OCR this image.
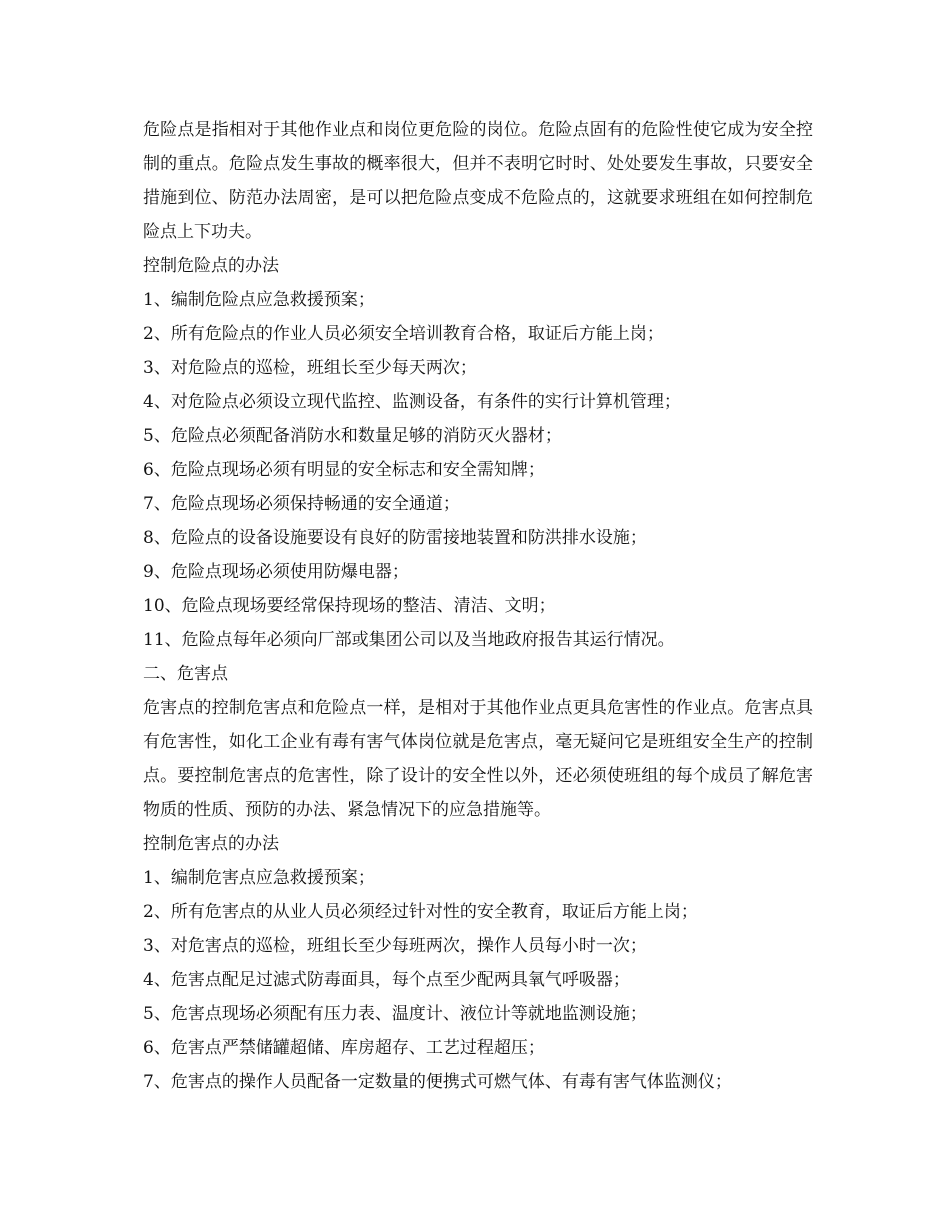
危险点是指相对于其他作业点和岗位更危险的岗位。危险点固有的危险性使它成为安全控制的重点。危险点发生事故的概率很大，但并不表明它时时、处处要发生事故，只要安全措施到位、防范办法周密，是可以把危险点变成不危险点的，这就要求班组在如何控制危险点上下功夫。

控制危险点的办法

1、编制危险点应急救援预案；

2、所有危险点的作业人员必须安全培训教育合格，取证后方能上岗；

3、对危险点的巡检，班组长至少每天两次；

4、对危险点必须设立现代监控、监测设备，有条件的实行计算机管理；

5、危险点必须配备消防水和数量足够的消防灭火器材；

6、危险点现场必须有明显的安全标志和安全需知牌；

7、危险点现场必须保持畅通的安全通道；

8、危险点的设备设施要设有良好的防雷接地装置和防洪排水设施；

9、危险点现场必须使用防爆电器；

10、危险点现场要经常保持现场的整洁、清洁、文明；

11、危险点每年必须向厂部或集团公司以及当地政府报告其运行情况。

二、危害点

危害点的控制危害点和危险点一样，是相对于其他作业点更具危害性的作业点。危害点具有危害性，如化工企业有毒有害气体岗位就是危害点，毫无疑问它是班组安全生产的控制点。要控制危害点的危害性，除了设计的安全性以外，还必须使班组的每个成员了解危害物质的性质、预防的办法、紧急情况下的应急措施等。

控制危害点的办法

1、编制危害点应急救援预案；

2、所有危害点的从业人员必须经过针对性的安全教育，取证后方能上岗；

3、对危害点的巡检，班组长至少每班两次，操作人员每小时一次；

4、危害点配足过滤式防毒面具，每个点至少配两具氧气呼吸器；

5、危害点现场必须配有压力表、温度计、液位计等就地监测设施；

6、危害点严禁储罐超储、库房超存、工艺过程超压；

7、危害点的操作人员配备一定数量的便携式可燃气体、有毒有害气体监测仪；
